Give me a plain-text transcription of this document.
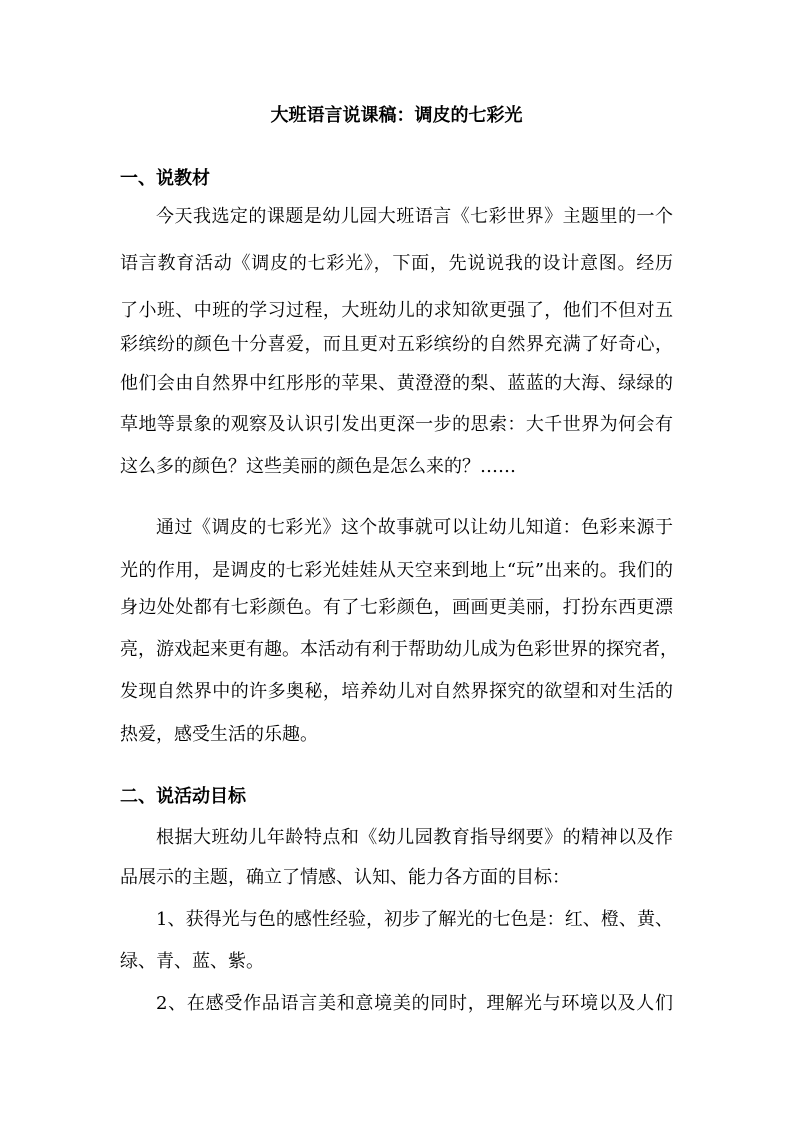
大班语言说课稿：调皮的七彩光
一、说教材
今天我选定的课题是幼儿园大班语言《七彩世界》主题里的一个
语言教育活动《调皮的七彩光》，下面，先说说我的设计意图。经历
了小班、中班的学习过程，大班幼儿的求知欲更强了，他们不但对五
彩缤纷的颜色十分喜爱，而且更对五彩缤纷的自然界充满了好奇心，
他们会由自然界中红彤彤的苹果、黄澄澄的梨、蓝蓝的大海、绿绿的
草地等景象的观察及认识引发出更深一步的思索：大千世界为何会有
这么多的颜色？这些美丽的颜色是怎么来的？……
通过《调皮的七彩光》这个故事就可以让幼儿知道：色彩来源于
光的作用，是调皮的七彩光娃娃从天空来到地上“玩”出来的。我们的
身边处处都有七彩颜色。有了七彩颜色，画画更美丽，打扮东西更漂
亮，游戏起来更有趣。本活动有利于帮助幼儿成为色彩世界的探究者，
发现自然界中的许多奥秘，培养幼儿对自然界探究的欲望和对生活的
热爱，感受生活的乐趣。
二、说活动目标
根据大班幼儿年龄特点和《幼儿园教育指导纲要》的精神以及作
品展示的主题，确立了情感、认知、能力各方面的目标：
1、获得光与色的感性经验，初步了解光的七色是：红、橙、黄、
绿、青、蓝、紫。
2、在感受作品语言美和意境美的同时，理解光与环境以及人们
